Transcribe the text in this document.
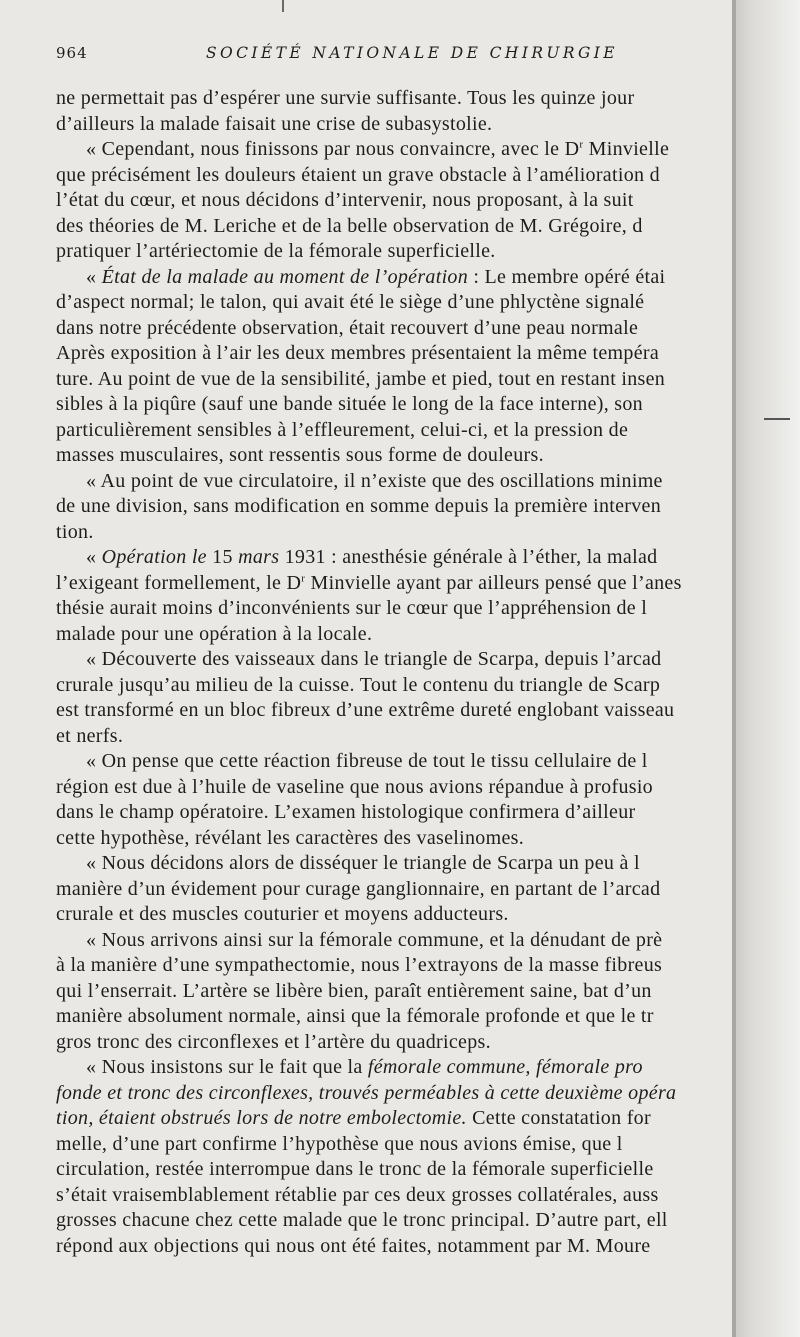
964	SOCIÉTÉ NATIONALE DE CHIRURGIE
ne permettait pas d’espérer une survie suffisante. Tous les quinze jour
d’ailleurs la malade faisait une crise de subasystolie.
« Cependant, nous finissons par nous convaincre, avec le $D^r$ Minvielle
que précisément les douleurs étaient un grave obstacle à l’amélioration d
l’état du cœur, et nous décidons d’intervenir, nous proposant, à la suit
des théories de M. Leriche et de la belle observation de M. Grégoire, d
pratiquer l’artériectomie de la fémorale superficielle.
« État de la malade au moment de l’opération : Le membre opéré étai
d’aspect normal; le talon, qui avait été le siège d’une phlyctène signalé
dans notre précédente observation, était recouvert d’une peau normale
Après exposition à l’air les deux membres présentaient la même tempéra
ture. Au point de vue de la sensibilité, jambe et pied, tout en restant insen
sibles à la piqûre (sauf une bande située le long de la face interne), son
particulièrement sensibles à l’effleurement, celui-ci, et la pression de
masses musculaires, sont ressentis sous forme de douleurs.
« Au point de vue circulatoire, il n’existe que des oscillations minime
de une division, sans modification en somme depuis la première interven
tion.
« Opération le 15 mars 1931 : anesthésie générale à l’éther, la malad
l’exigeant formellement, le $D^r$ Minvielle ayant par ailleurs pensé que l’anes
thésie aurait moins d’inconvénients sur le cœur que l’appréhension de l
malade pour une opération à la locale.
« Découverte des vaisseaux dans le triangle de Scarpa, depuis l’arcad
crurale jusqu’au milieu de la cuisse. Tout le contenu du triangle de Scarp
est transformé en un bloc fibreux d’une extrême dureté englobant vaisseau
et nerfs.
« On pense que cette réaction fibreuse de tout le tissu cellulaire de l
région est due à l’huile de vaseline que nous avions répandue à profusio
dans le champ opératoire. L’examen histologique confirmera d’ailleur
cette hypothèse, révélant les caractères des vaselinomes.
« Nous décidons alors de disséquer le triangle de Scarpa un peu à l
manière d’un évidement pour curage ganglionnaire, en partant de l’arcad
crurale et des muscles couturier et moyens adducteurs.
« Nous arrivons ainsi sur la fémorale commune, et la dénudant de prè
à la manière d’une sympathectomie, nous l’extrayons de la masse fibreus
qui l’enserrait. L’artère se libère bien, paraît entièrement saine, bat d’un
manière absolument normale, ainsi que la fémorale profonde et que le tr
gros tronc des circonflexes et l’artère du quadriceps.
« Nous insistons sur le fait que la fémorale commune, fémorale pro
fonde et tronc des circonflexes, trouvés perméables à cette deuxième opéra
tion, étaient obstrués lors de notre embolectomie. Cette constatation for
melle, d’une part confirme l’hypothèse que nous avions émise, que l
circulation, restée interrompue dans le tronc de la fémorale superficielle
s’était vraisemblablement rétablie par ces deux grosses collatérales, auss
grosses chacune chez cette malade que le tronc principal. D’autre part, ell
répond aux objections qui nous ont été faites, notamment par M. Moure
